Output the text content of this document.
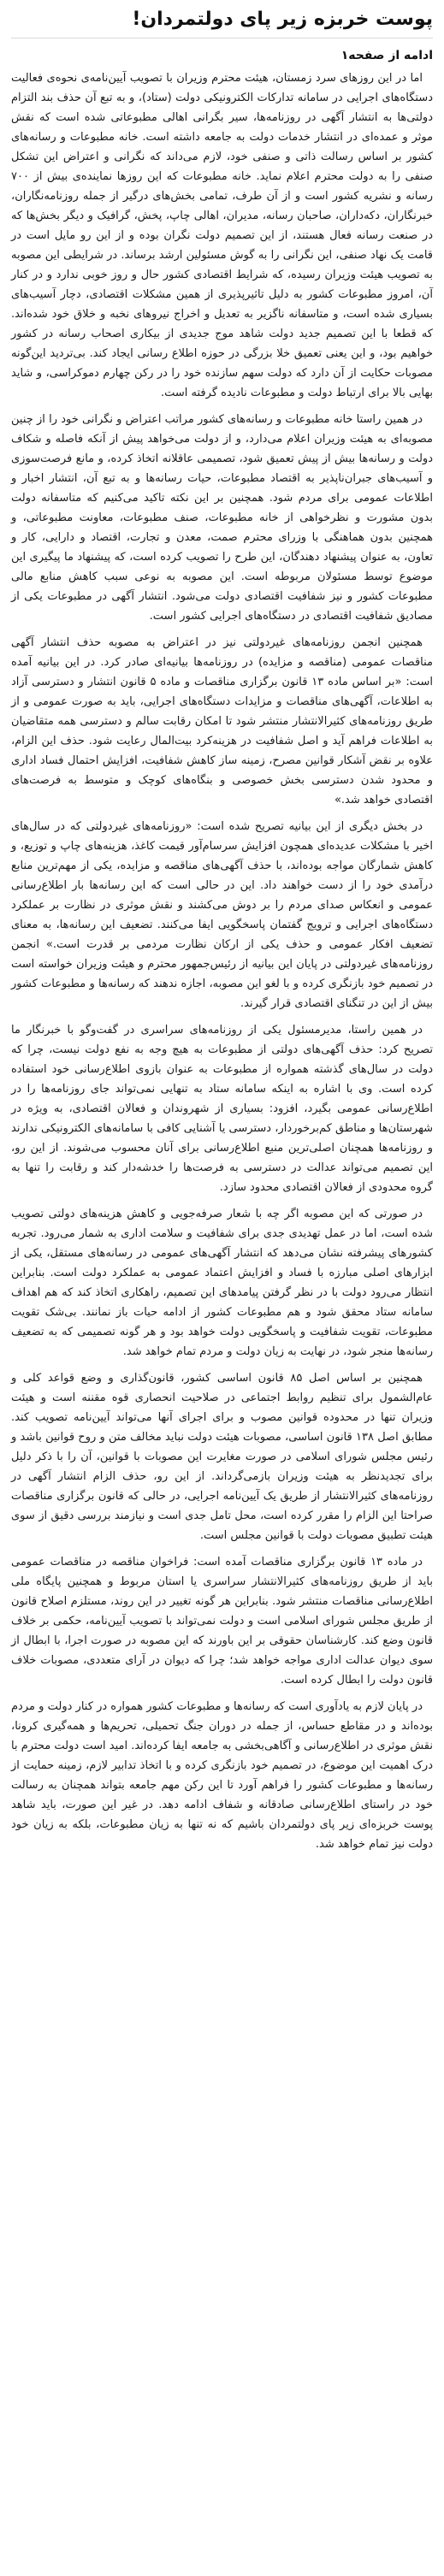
پوست خربزه زیر پای دولتمردان!
ادامه از صفحه۱

اما در این روزهای سرد زمستان، هیئت محترم وزیران با تصویب آیین‌نامه‌ی نحوه‌ی فعالیت دستگاه‌های اجرایی در سامانه تدارکات الکترونیکی دولت (ستاد)، و به تبع آن حذف بند التزام دولتی‌ها به انتشار آگهی در روزنامه‌ها، سیر بگرانی اهالی مطبوعاتی شده است که نقش موثر و عمده‌ای در انتشار خدمات دولت به جامعه داشته است. خانه مطبوعات و رسانه‌های کشور بر اساس رسالت ذاتی و صنفی خود، لازم می‌داند که نگرانی و اعتراض این تشکل صنفی را به دولت محترم اعلام نماید. خانه مطبوعات که این روزها نماینده‌ی بیش از ۷۰۰ رسانه و نشریه کشور است و از آن طرف، تمامی بخش‌های درگیر از جمله روزنامه‌نگاران، خبرنگاران، دکه‌داران، صاحبان رسانه، مدیران، اهالی چاپ، پخش، گرافیک و دیگر بخش‌ها که در صنعت رسانه فعال هستند، از این تصمیم دولت نگران بوده و از این رو مایل است در قامت یک نهاد صنفی، این نگرانی را به گوش مسئولین ارشد برساند. در شرایطی این مصوبه به تصویب هیئت وزیران رسیده، که شرایط اقتصادی کشور حال و روز خوبی ندارد و در کنار آن، امروز مطبوعات کشور به دلیل تاثیرپذیری از همین مشکلات اقتصادی، دچار آسیب‌های بسیاری شده است، و متاسفانه ناگزیر به تعدیل و اخراج نیروهای نخبه و خلاق خود شده‌اند. که قطعا با این تصمیم جدید دولت شاهد موج جدیدی از بیکاری اصحاب رسانه در کشور خواهیم بود، و این یعنی تعمیق خلا بزرگی در حوزه اطلاع رسانی ایجاد کند. بی‌تردید این‌گونه مصوبات حکایت از آن دارد که دولت سهم سازنده خود را در رکن چهارم دموکراسی، و شاید بهایی بالا برای ارتباط دولت و مطبوعات نادیده گرفته است.

در همین راستا خانه مطبوعات و رسانه‌های کشور مراتب اعتراض و نگرانی خود را از چنین مصوبه‌ای به هیئت وزیران اعلام می‌دارد، و از دولت می‌خواهد پیش از آنکه فاصله و شکاف دولت و رسانه‌ها بیش از پیش تعمیق شود، تصمیمی عاقلانه اتخاذ کرده، و مانع فرصت‌سوزی و آسیب‌های جبران‌ناپذیر به اقتصاد مطبوعات، حیات رسانه‌ها و به تبع آن، انتشار اخبار و اطلاعات عمومی برای مردم شود. همچنین بر این نکته تاکید می‌کنیم که متاسفانه دولت بدون مشورت و نظرخواهی از خانه مطبوعات، صنف مطبوعات، معاونت مطبوعاتی، و همچنین بدون هماهنگی با وزرای محترم صمت، معدن و تجارت، اقتصاد و دارایی، کار و تعاون، به عنوان پیشنهاد دهندگان، این طرح را تصویب کرده است، که پیشنهاد ما پیگیری این موضوع توسط مسئولان مربوطه است. این مصوبه به نوعی سبب کاهش منابع مالی مطبوعات کشور و نیز شفافیت اقتصادی دولت می‌شود. انتشار آگهی در مطبوعات یکی از مصادیق شفافیت اقتصادی در دستگاه‌های اجرایی کشور است.

همچنین انجمن روزنامه‌های غیردولتی نیز در اعتراض به مصوبه حذف انتشار آگهی مناقصات عمومی (مناقصه و مزایده) در روزنامه‌ها بیانیه‌ای صادر کرد. در این بیانیه آمده است: «بر اساس ماده ۱۳ قانون برگزاری مناقصات و ماده ۵ قانون انتشار و دسترسی آزاد به اطلاعات، آگهی‌های مناقصات و مزایدات دستگاه‌های اجرایی، باید به صورت عمومی و از طریق روزنامه‌های کثیرالانتشار منتشر شود تا امکان رقابت سالم و دسترسی همه متقاضیان به اطلاعات فراهم آید و اصل شفافیت در هزینه‌کرد بیت‌المال رعایت شود. حذف این الزام، علاوه بر نقض آشکار قوانین مصرح، زمینه ساز کاهش شفافیت، افزایش احتمال فساد اداری و محدود شدن دسترسی بخش خصوصی و بنگاه‌های کوچک و متوسط به فرصت‌های اقتصادی خواهد شد.»

در بخش دیگری از این بیانیه تصریح شده است: «روزنامه‌های غیردولتی که در سال‌های اخیر با مشکلات عدیده‌ای همچون افزایش سرسام‌آور قیمت کاغذ، هزینه‌های چاپ و توزیع، و کاهش شمارگان مواجه بوده‌اند، با حذف آگهی‌های مناقصه و مزایده، یکی از مهم‌ترین منابع درآمدی خود را از دست خواهند داد. این در حالی است که این رسانه‌ها بار اطلاع‌رسانی عمومی و انعکاس صدای مردم را بر دوش می‌کشند و نقش موثری در نظارت بر عملکرد دستگاه‌های اجرایی و ترویج گفتمان پاسخگویی ایفا می‌کنند. تضعیف این رسانه‌ها، به معنای تضعیف افکار عمومی و حذف یکی از ارکان نظارت مردمی بر قدرت است.» انجمن روزنامه‌های غیردولتی در پایان این بیانیه از رئیس‌جمهور محترم و هیئت وزیران خواسته است در تصمیم خود بازنگری کرده و با لغو این مصوبه، اجازه ندهند که رسانه‌ها و مطبوعات کشور بیش از این در تنگنای اقتصادی قرار گیرند.

در همین راستا، مدیرمسئول یکی از روزنامه‌های سراسری در گفت‌وگو با خبرنگار ما تصریح کرد: حذف آگهی‌های دولتی از مطبوعات به هیچ وجه به نفع دولت نیست، چرا که دولت در سال‌های گذشته همواره از مطبوعات به عنوان بازوی اطلاع‌رسانی خود استفاده کرده است. وی با اشاره به اینکه سامانه ستاد به تنهایی نمی‌تواند جای روزنامه‌ها را در اطلاع‌رسانی عمومی بگیرد، افزود: بسیاری از شهروندان و فعالان اقتصادی، به ویژه در شهرستان‌ها و مناطق کم‌برخوردار، دسترسی یا آشنایی کافی با سامانه‌های الکترونیکی ندارند و روزنامه‌ها همچنان اصلی‌ترین منبع اطلاع‌رسانی برای آنان محسوب می‌شوند. از این رو، این تصمیم می‌تواند عدالت در دسترسی به فرصت‌ها را خدشه‌دار کند و رقابت را تنها به گروه محدودی از فعالان اقتصادی محدود سازد.

در صورتی که این مصوبه اگر چه با شعار صرفه‌جویی و کاهش هزینه‌های دولتی تصویب شده است، اما در عمل تهدیدی جدی برای شفافیت و سلامت اداری به شمار می‌رود. تجربه کشورهای پیشرفته نشان می‌دهد که انتشار آگهی‌های عمومی در رسانه‌های مستقل، یکی از ابزارهای اصلی مبارزه با فساد و افزایش اعتماد عمومی به عملکرد دولت است. بنابراین انتظار می‌رود دولت با در نظر گرفتن پیامدهای این تصمیم، راهکاری اتخاذ کند که هم اهداف سامانه ستاد محقق شود و هم مطبوعات کشور از ادامه حیات باز نمانند. بی‌شک تقویت مطبوعات، تقویت شفافیت و پاسخگویی دولت خواهد بود و هر گونه تصمیمی که به تضعیف رسانه‌ها منجر شود، در نهایت به زیان دولت و مردم تمام خواهد شد.

همچنین بر اساس اصل ۸۵ قانون اساسی کشور، قانون‌گذاری و وضع قواعد کلی و عام‌الشمول برای تنظیم روابط اجتماعی در صلاحیت انحصاری قوه مقننه است و هیئت وزیران تنها در محدوده قوانین مصوب و برای اجرای آنها می‌تواند آیین‌نامه تصویب کند. مطابق اصل ۱۳۸ قانون اساسی، مصوبات هیئت دولت نباید مخالف متن و روح قوانین باشد و رئیس مجلس شورای اسلامی در صورت مغایرت این مصوبات با قوانین، آن را با ذکر دلیل برای تجدیدنظر به هیئت وزیران بازمی‌گرداند. از این رو، حذف الزام انتشار آگهی در روزنامه‌های کثیرالانتشار از طریق یک آیین‌نامه اجرایی، در حالی که قانون برگزاری مناقصات صراحتا این الزام را مقرر کرده است، محل تامل جدی است و نیازمند بررسی دقیق از سوی هیئت تطبیق مصوبات دولت با قوانین مجلس است.

در ماده ۱۳ قانون برگزاری مناقصات آمده است: فراخوان مناقصه در مناقصات عمومی باید از طریق روزنامه‌های کثیرالانتشار سراسری یا استان مربوط و همچنین پایگاه ملی اطلاع‌رسانی مناقصات منتشر شود. بنابراین هر گونه تغییر در این روند، مستلزم اصلاح قانون از طریق مجلس شورای اسلامی است و دولت نمی‌تواند با تصویب آیین‌نامه، حکمی بر خلاف قانون وضع کند. کارشناسان حقوقی بر این باورند که این مصوبه در صورت اجرا، با ابطال از سوی دیوان عدالت اداری مواجه خواهد شد؛ چرا که دیوان در آرای متعددی، مصوبات خلاف قانون دولت را ابطال کرده است.

در پایان لازم به یادآوری است که رسانه‌ها و مطبوعات کشور همواره در کنار دولت و مردم بوده‌اند و در مقاطع حساس، از جمله در دوران جنگ تحمیلی، تحریم‌ها و همه‌گیری کرونا، نقش موثری در اطلاع‌رسانی و آگاهی‌بخشی به جامعه ایفا کرده‌اند. امید است دولت محترم با درک اهمیت این موضوع، در تصمیم خود بازنگری کرده و با اتخاذ تدابیر لازم، زمینه حمایت از رسانه‌ها و مطبوعات کشور را فراهم آورد تا این رکن مهم جامعه بتواند همچنان به رسالت خود در راستای اطلاع‌رسانی صادقانه و شفاف ادامه دهد. در غیر این صورت، باید شاهد پوست خربزه‌ای زیر پای دولتمردان باشیم که نه تنها به زیان مطبوعات، بلکه به زیان خود دولت نیز تمام خواهد شد.
